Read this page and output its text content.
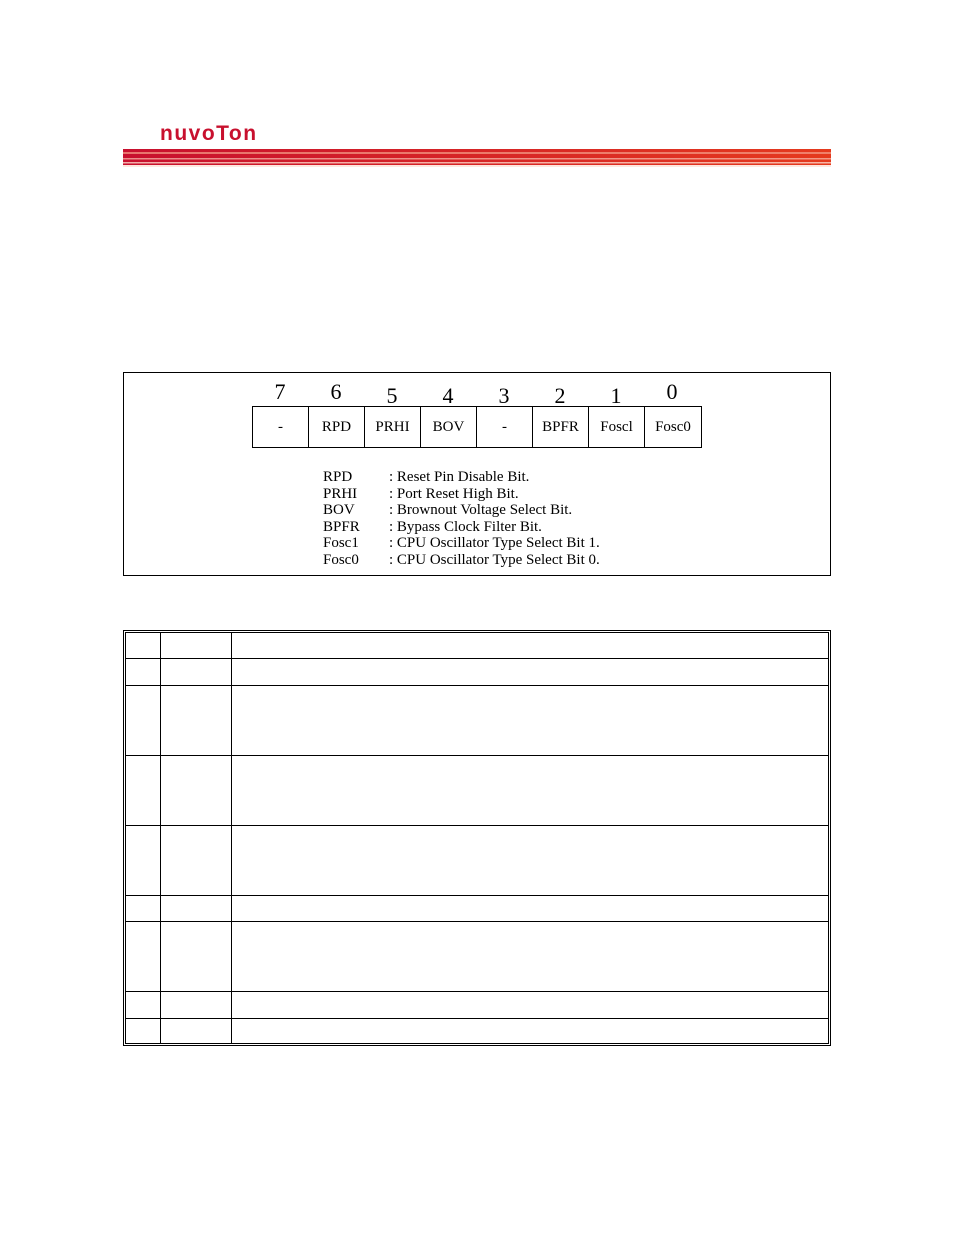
nuvoTon
7	6	5	4	3	2	1	0
-	RPD	PRHI	BOV	-	BPFR	Foscl	Fosc0
RPD	: Reset Pin Disable Bit.
PRHI	: Port Reset High Bit.
BOV	: Brownout Voltage Select Bit.
BPFR	: Bypass Clock Filter Bit.
Fosc1	: CPU Oscillator Type Select Bit 1.
Fosc0	: CPU Oscillator Type Select Bit 0.
